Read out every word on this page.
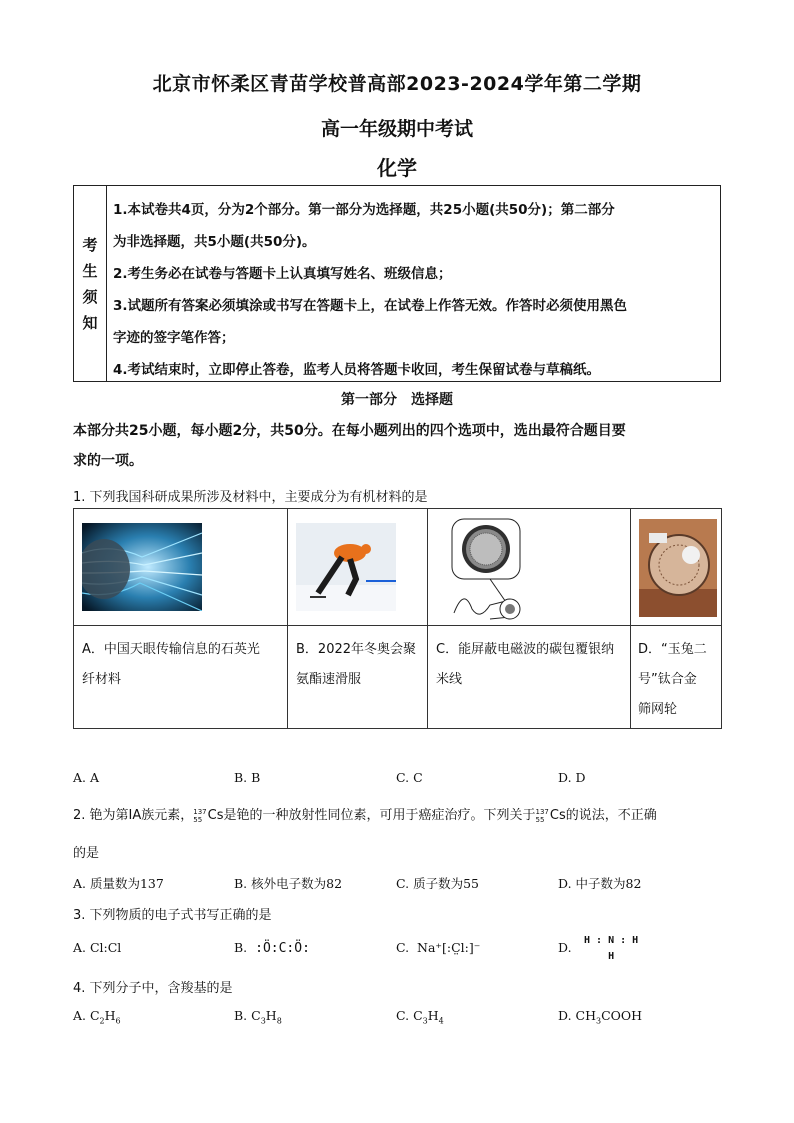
北京市怀柔区青苗学校普高部2023-2024学年第二学期
高一年级期中考试
化学
考
生
须
知
1.本试卷共4页，分为2个部分。第一部分为选择题，共25小题(共50分)；第二部分
为非选择题，共5小题(共50分)。
2.考生务必在试卷与答题卡上认真填写姓名、班级信息；
3.试题所有答案必须填涂或书写在答题卡上，在试卷上作答无效。作答时必须使用黑色
字迹的签字笔作答；
4.考试结束时，立即停止答卷，监考人员将答题卡收回，考生保留试卷与草稿纸。
第一部分　选择题
本部分共25小题，每小题2分，共50分。在每小题列出的四个选项中，选出最符合题目要
求的一项。
1. 下列我国科研成果所涉及材料中，主要成分为有机材料的是
A．中国天眼传输信息的石英光
纤材料
B．2022年冬奥会聚
氨酯速滑服
C．能屏蔽电磁波的碳包覆银纳
米线
D．“玉兔二
号”钛合金
筛网轮
A. A	B. B	C. C	D. D
2. 铯为第IA族元素， 137
55 Cs是铯的一种放射性同位素，可用于癌症治疗。下列关于 137
55 Cs的说法，不正确
的是
A. 质量数为137	B. 核外电子数为82	C. 质子数为55	D. 中子数为82
3. 下列物质的电子式书写正确的是
A. Cl:Cl	B. :Ö:C:Ö:	C. Na⁺[:C̤l:]⁻	D. H : N : H
H
4. 下列分子中，含羧基的是
A. $C_2H_6$	B. $C_3H_8$	C. $C_3H_4$	D. $CH_3COOH$
